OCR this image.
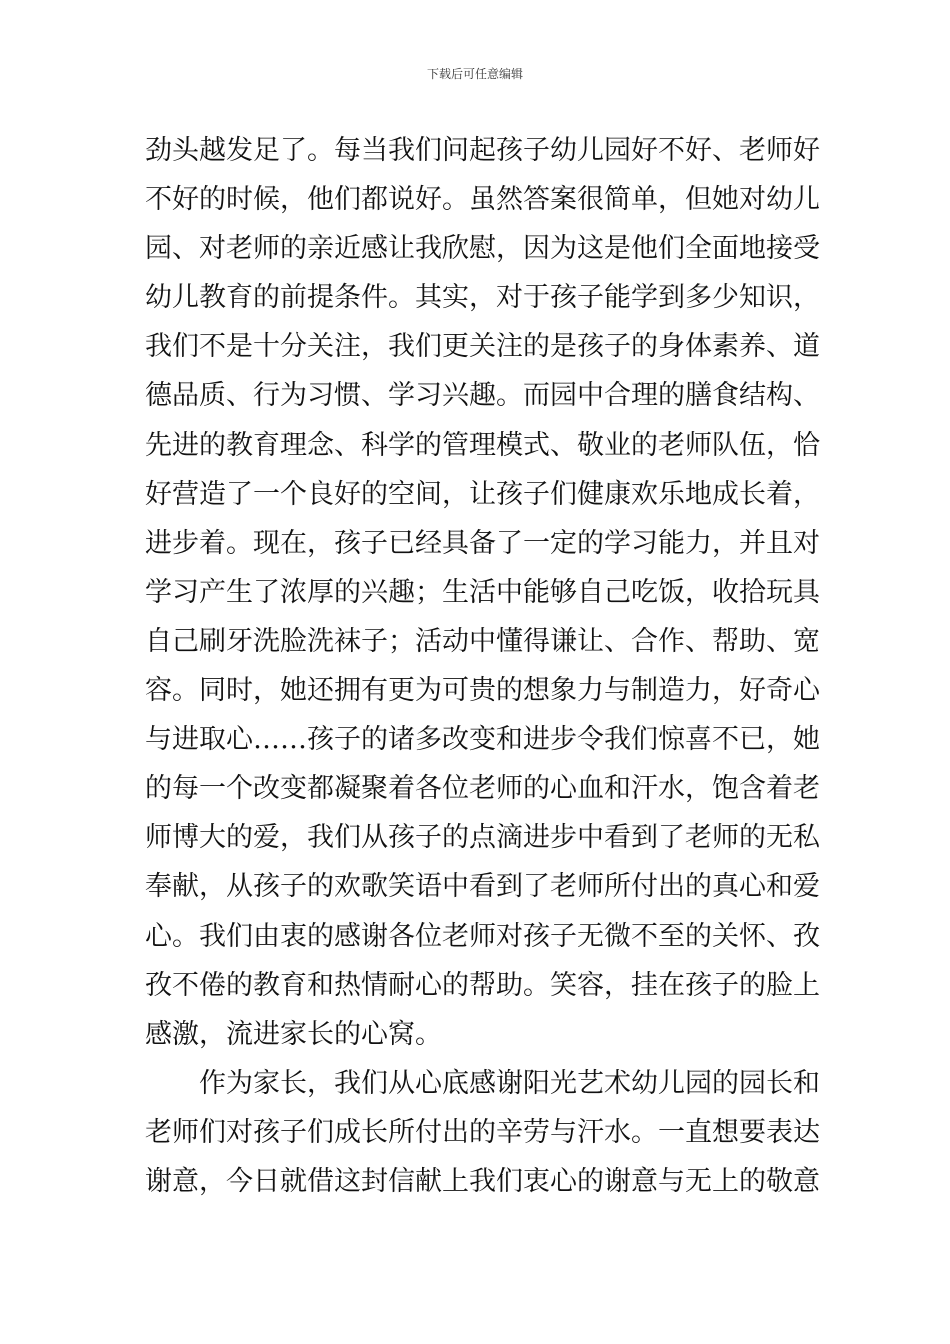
下载后可任意编辑
劲头越发足了。每当我们问起孩子幼儿园好不好、老师好
不好的时候，他们都说好。虽然答案很简单，但她对幼儿
园、对老师的亲近感让我欣慰，因为这是他们全面地接受
幼儿教育的前提条件。其实，对于孩子能学到多少知识，
我们不是十分关注，我们更关注的是孩子的身体素养、道
德品质、行为习惯、学习兴趣。而园中合理的膳食结构、
先进的教育理念、科学的管理模式、敬业的老师队伍，恰
好营造了一个良好的空间，让孩子们健康欢乐地成长着，
进步着。现在，孩子已经具备了一定的学习能力，并且对
学习产生了浓厚的兴趣；生活中能够自己吃饭，收拾玩具
自己刷牙洗脸洗袜子；活动中懂得谦让、合作、帮助、宽
容。同时，她还拥有更为可贵的想象力与制造力，好奇心
与进取心……孩子的诸多改变和进步令我们惊喜不已，她
的每一个改变都凝聚着各位老师的心血和汗水，饱含着老
师博大的爱，我们从孩子的点滴进步中看到了老师的无私
奉献，从孩子的欢歌笑语中看到了老师所付出的真心和爱
心。我们由衷的感谢各位老师对孩子无微不至的关怀、孜
孜不倦的教育和热情耐心的帮助。笑容，挂在孩子的脸上
感激，流进家长的心窝。
　　作为家长，我们从心底感谢阳光艺术幼儿园的园长和
老师们对孩子们成长所付出的辛劳与汗水。一直想要表达
谢意，今日就借这封信献上我们衷心的谢意与无上的敬意
